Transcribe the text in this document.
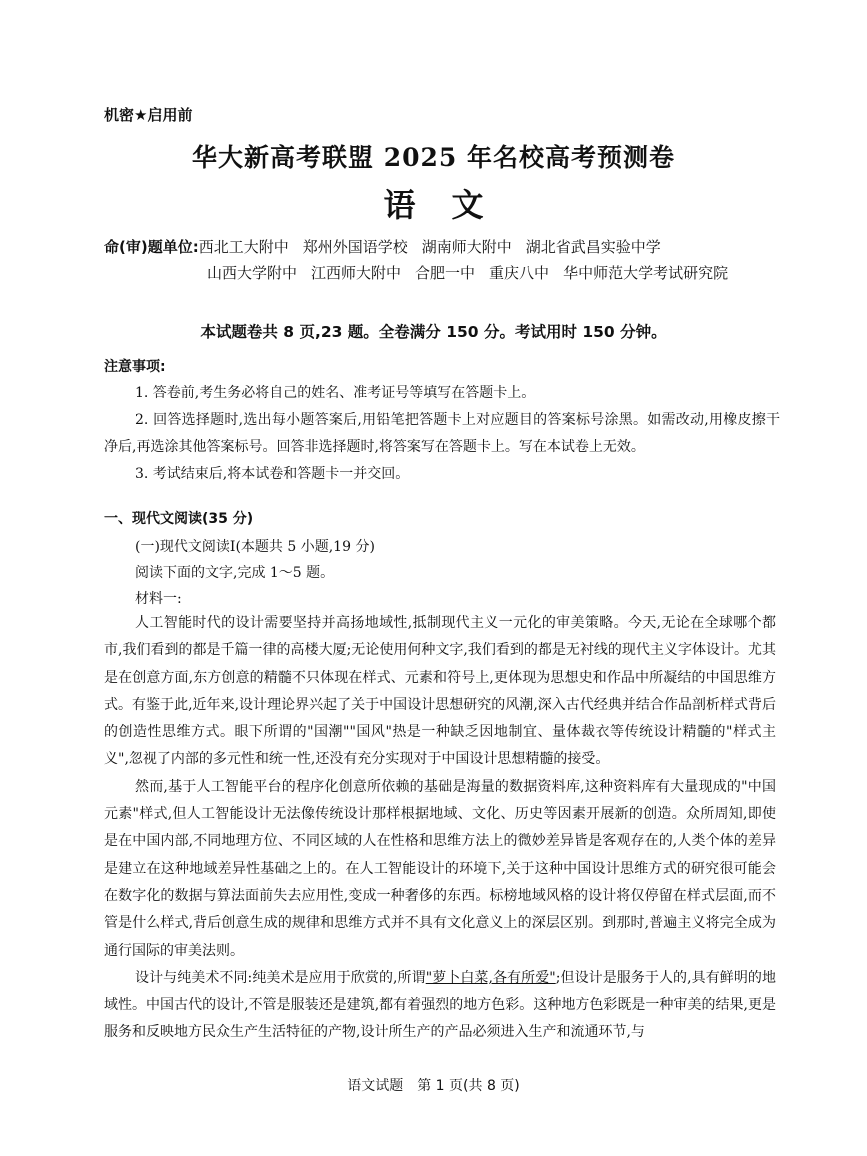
机密★启用前
华大新高考联盟 2025 年名校高考预测卷
语文
命(审)题单位:西北工大附中 郑州外国语学校 湖南师大附中 湖北省武昌实验中学
山西大学附中 江西师大附中 合肥一中 重庆八中 华中师范大学考试研究院
本试题卷共 8 页,23 题。全卷满分 150 分。考试用时 150 分钟。
注意事项:

1. 答卷前,考生务必将自己的姓名、准考证号等填写在答题卡上。

2. 回答选择题时,选出每小题答案后,用铅笔把答题卡上对应题目的答案标号涂黑。如需改动,用橡皮擦干净后,再选涂其他答案标号。回答非选择题时,将答案写在答题卡上。写在本试卷上无效。

3. 考试结束后,将本试卷和答题卡一并交回。

一、现代文阅读(35 分)
(一)现代文阅读Ⅰ(本题共 5 小题,19 分)
阅读下面的文字,完成 1～5 题。
材料一:

人工智能时代的设计需要坚持并高扬地域性,抵制现代主义一元化的审美策略。今天,无论在全球哪个都市,我们看到的都是千篇一律的高楼大厦;无论使用何种文字,我们看到的都是无衬线的现代主义字体设计。尤其是在创意方面,东方创意的精髓不只体现在样式、元素和符号上,更体现为思想史和作品中所凝结的中国思维方式。有鉴于此,近年来,设计理论界兴起了关于中国设计思想研究的风潮,深入古代经典并结合作品剖析样式背后的创造性思维方式。眼下所谓的"国潮""国风"热是一种缺乏因地制宜、量体裁衣等传统设计精髓的"样式主义",忽视了内部的多元性和统一性,还没有充分实现对于中国设计思想精髓的接受。

然而,基于人工智能平台的程序化创意所依赖的基础是海量的数据资料库,这种资料库有大量现成的"中国元素"样式,但人工智能设计无法像传统设计那样根据地域、文化、历史等因素开展新的创造。众所周知,即使是在中国内部,不同地理方位、不同区域的人在性格和思维方法上的微妙差异皆是客观存在的,人类个体的差异是建立在这种地域差异性基础之上的。在人工智能设计的环境下,关于这种中国设计思维方式的研究很可能会在数字化的数据与算法面前失去应用性,变成一种奢侈的东西。标榜地域风格的设计将仅停留在样式层面,而不管是什么样式,背后创意生成的规律和思维方式并不具有文化意义上的深层区别。到那时,普遍主义将完全成为通行国际的审美法则。

设计与纯美术不同:纯美术是应用于欣赏的,所谓"萝卜白菜,各有所爱";但设计是服务于人的,具有鲜明的地域性。中国古代的设计,不管是服装还是建筑,都有着强烈的地方色彩。这种地方色彩既是一种审美的结果,更是服务和反映地方民众生产生活特征的产物,设计所生产的产品必须进入生产和流通环节,与

语文试题　第 1 页(共 8 页)
